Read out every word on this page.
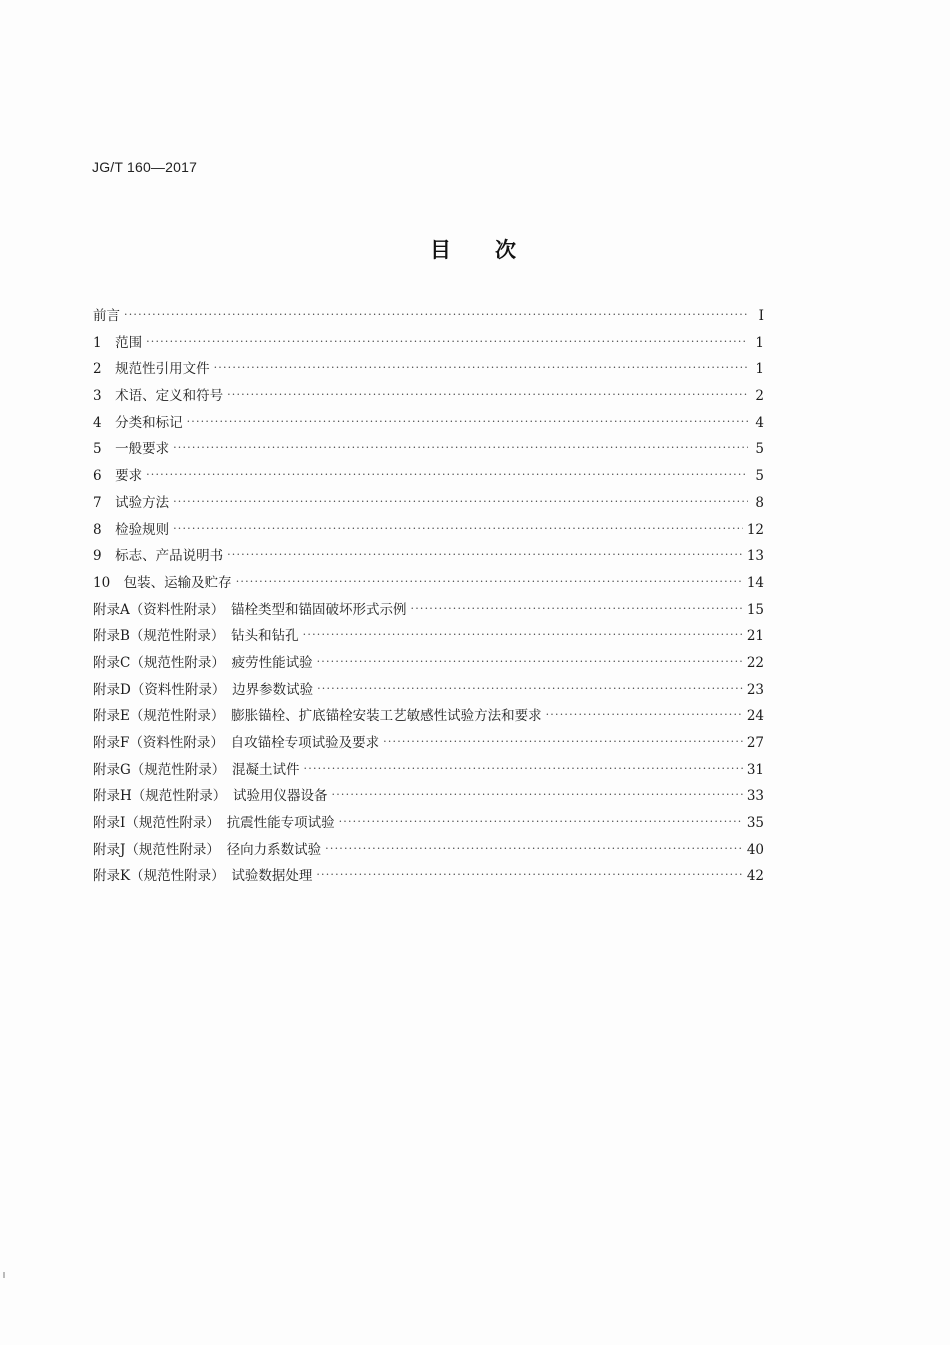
JG/T 160—2017
目次
前言 ·····	Ⅰ
1　范围 ·····	1
2　规范性引用文件 ·····	1
3　术语、定义和符号 ·····	2
4　分类和标记 ·····	4
5　一般要求 ·····	5
6　要求 ·····	5
7　试验方法 ·····	8
8　检验规则 ·····	12
9　标志、产品说明书 ·····	13
10　包装、运输及贮存 ·····	14
附录A（资料性附录）　锚栓类型和锚固破坏形式示例 ·····	15
附录B（规范性附录）　钻头和钻孔 ·····	21
附录C（规范性附录）　疲劳性能试验 ·····	22
附录D（资料性附录）　边界参数试验 ·····	23
附录E（规范性附录）　膨胀锚栓、扩底锚栓安装工艺敏感性试验方法和要求 ·····	24
附录F（资料性附录）　自攻锚栓专项试验及要求 ·····	27
附录G（规范性附录）　混凝土试件 ·····	31
附录H（规范性附录）　试验用仪器设备 ·····	33
附录I（规范性附录）　抗震性能专项试验 ·····	35
附录J（规范性附录）　径向力系数试验 ·····	40
附录K（规范性附录）　试验数据处理 ·····	42
